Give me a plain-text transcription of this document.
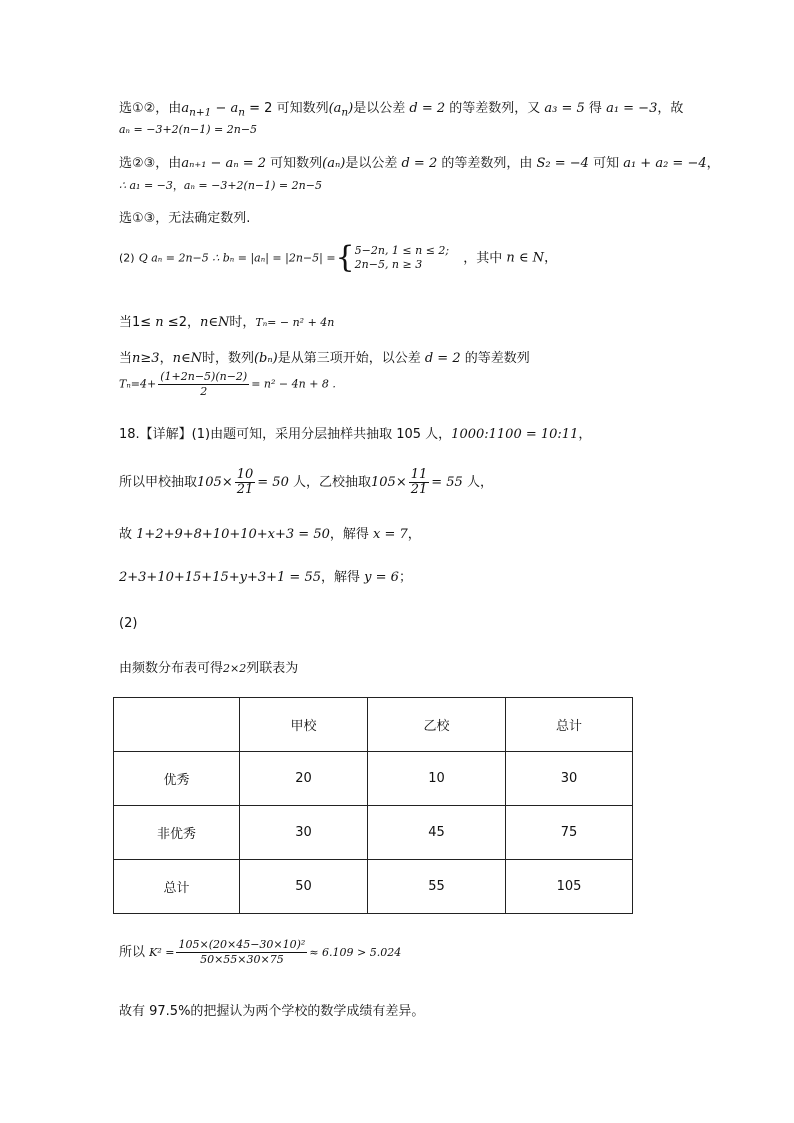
选①②，由$a_{n+1} - a_n = 2$ 可知数列$(a_n)$是以公差 d = 2 的等差数列，又 a₃ = 5 得 a₁ = −3，故
aₙ = −3+2(n−1) = 2n−5
选②③，由aₙ₊₁ − aₙ = 2 可知数列(aₙ)是以公差 d = 2 的等差数列，由 S₂ = −4 可知 a₁ + a₂ = −4，
∴ a₁ = −3，aₙ = −3+2(n−1) = 2n−5
选①③，无法确定数列.
(2) Q aₙ = 2n−5 ∴ bₙ = |aₙ| = |2n−5| ={ 5−2n, 1 ≤ n ≤ 2;
2n−5, n ≥ 3	，其中 n ∈ N，
当1≤ n ≤2，n∈N时，Tₙ= − n² + 4n
当n≥3，n∈N时，数列(bₙ)是从第三项开始，以公差 d = 2 的等差数列
$T_n=4+ \frac{(1+2n-5)(n-2)}{2} = n^2 - 4n + 8$ .
18.【详解】(1)由题可知，采用分层抽样共抽取 105 人，1000:1100 = 10:11，
所以甲校抽取$105\times \frac{10}{21} = 50$ 人，乙校抽取$105\times \frac{11}{21} = 55$ 人，
故 1+2+9+8+10+10+x+3 = 50，解得 x = 7，
2+3+10+15+15+y+3+1 = 55，解得 y = 6；
(2)
由频数分布表可得2×2列联表为
	甲校	乙校	总计
优秀	20	10	30
非优秀	30	45	75
总计	50	55	105
所以 $K^2 = \frac{\text{105×(20×45−30×10)²}}{50\times 55\times 30\times 75} \approx 6.109 > 5.024$
故有 97.5%的把握认为两个学校的数学成绩有差异。
